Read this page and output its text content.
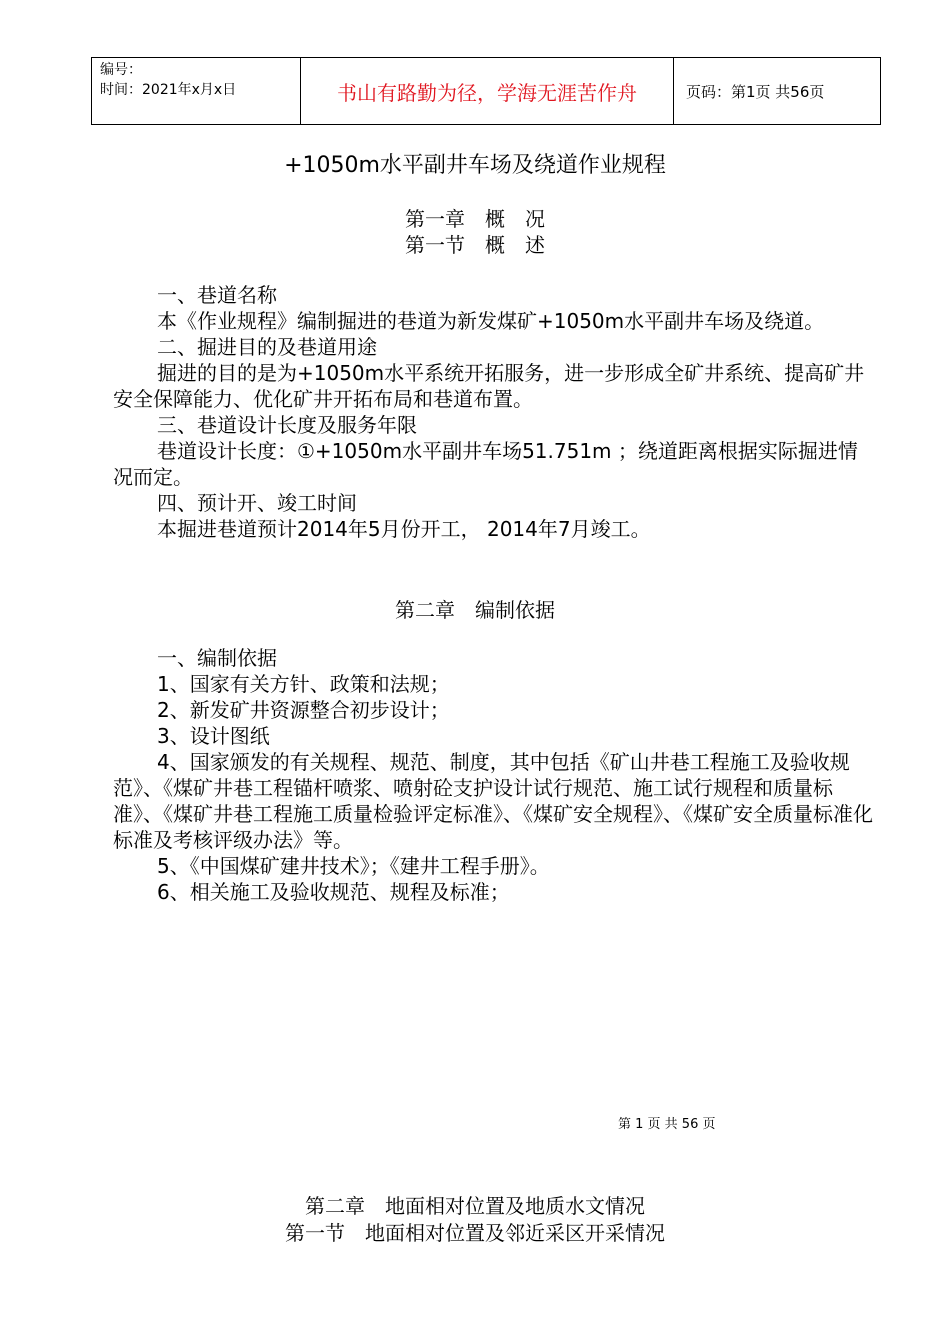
编号：
时间：2021年x月x日	书山有路勤为径，学海无涯苦作舟	页码：第1页 共56页
+1050m水平副井车场及绕道作业规程
第一章　概　况
第一节　概　述

一、巷道名称

本《作业规程》编制掘进的巷道为新发煤矿+1050m水平副井车场及绕道。

二、掘进目的及巷道用途

掘进的目的是为+1050m水平系统开拓服务，进一步形成全矿井系统、提高矿井安全保障能力、优化矿井开拓布局和巷道布置。

三、巷道设计长度及服务年限

巷道设计长度：①+1050m水平副井车场51.751m ；绕道距离根据实际掘进情况而定。

四、预计开、竣工时间

本掘进巷道预计2014年5月份开工， 2014年7月竣工。

第二章　编制依据

一、编制依据

1、国家有关方针、政策和法规；

2、新发矿井资源整合初步设计；

3、设计图纸

4、国家颁发的有关规程、规范、制度，其中包括《矿山井巷工程施工及验收规范》、《煤矿井巷工程锚杆喷浆、喷射砼支护设计试行规范、施工试行规程和质量标准》、《煤矿井巷工程施工质量检验评定标准》、《煤矿安全规程》、《煤矿安全质量标准化标准及考核评级办法》等。

5、《中国煤矿建井技术》；《建井工程手册》。

6、相关施工及验收规范、规程及标准；

第 1 页 共 56 页
第二章　地面相对位置及地质水文情况
第一节　地面相对位置及邻近采区开采情况
